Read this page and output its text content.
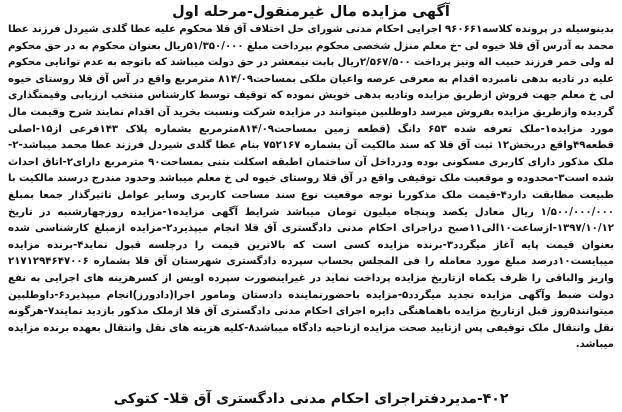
آگهی مزایده مال غیرمنقول-مرحله اول
بدینوسیله در پرونده کلاسه۹۶۰۶۶۱ اجرایی احکام مدنی شورای حل اختلاف آق قلا محکوم علیه عطا گلدی شیردل فرزند عطا محمد به آدرس آق قلا خیوه لی -خ معلم منزل شخصی محکوم بپرداخت مبلغ ۵۱/۳۵۰/۰۰۰ریال بعنوان محکوم به در حق محکوم له ولی خمر فرزند حبیب اله ونیز پرداخت ۲/۵۶۷/۵۰۰ریال بابت نیمعشر در حق دولت میباشد که باتوجه به عدم توانایی محکوم علیه در تادیه بدهی نامبرده اقدام به معرفی عرصه واعیان ملکی بمساحت۸۱۴/۰۹ مترمربع واقع در آس آق قلا روستای خیوه لی خ معلم جهت فروش ازطریق مزایده وتادیه بدهی خویش نموده که توقیف توسط کارشناس منتخب ارزیابی وقیمتگذاری گردیده وازطریق مزایده بفروش میرسد داوطلبین میتوانند در مزایده شرکت ونسبت بخرید آن اقدام نمایند شرح وقیمت مال مورد مزایده۱-ملک تعرفه شده ۶۵۳ دانگ (قطعه زمین بمساحت۸۱۴/۰۹مترمربع بشماره پلاک ۱۴۳فرعی از۱۵-اصلی قطعه۴۹واقع دربخش۱۲ ثبت آق قلا که سند مالکیت آن بشماره ۷۵۲۱۶۷ بنام عطا گلدی شیردل فرزند عطا محمد میباشد-۲-ملک مذکور دارای کاربری مسکونی بوده ودرداخل آن ساختمان اطبقه اسکلت بتنی بمساحت۹۰ مترمربع دارای۲-اتاق احداث شده است۳-محدوده و موقعیت ملک توقیفی واقع در آق قلا روستای خیوه لی خ معلم میباشد وحدود مندرج درسند مالکیت با طبیعت مطابقت دارد۴-قیمت ملک مذکوربا توجه موقعیت نوع سند مساحت کاربری وسایر عوامل تاثیرگذار جمعا بمبلغ ۱/۵۰۰/۰۰۰/۰۰۰ ریال معادل یکصد وپنجاه میلیون تومان میباشد شرایط آگهی مزایده۱-مزایده روزچهارشنبه در تاریخ ۱۳۹۷/۱۰/۱۲-ازساعت۱۰الی۱۱صبح دراجرای احکام مدنی دادگستری آق قلا انجام میپذیرد۲-مزایده ازمبلغ کارشناسی شده بعنوان قیمت پایه آغاز میگردد۳-برنده مزایده کسی است که بالاترین قیمت را درجلسه قبول نماید۴-برنده مزایده میبایست۱۰درصد مبلغ مورد معامله را فی المجلس بحساب سپرده دادگستری شهرستان آق قلا بشماره ۲۱۷۱۲۹۴۶۴۷۰۰۶ واریز والباقی را ظرف یکماه ازتاریخ مزایده پرداخت نماید در غیراینصورت سپرده اویس از کسرهزینه های اجرایی به نفع دولت ضبط وآگهی مزایده تجدید میگردد۵-مزایده باحضورنماینده دادستان ومامور اجرا(دادورز)انجام میپذیرد۶-داوطلبین میتوانند۵روز قبل ازتاریخ مزایده باهماهنگی دایره اجرای احکام مدنی دادگستری آق قلا ازملک مذکور بازدید نمایند۷-هرگونه نقل وانتقال ملک توقیفی پس ازتایید صحت مزایده ازناحیه دادگاه میباشد۸-کلیه هزینه های نقل وانتقال بعهده برنده مزایده میباشد.
۴۰۲-مدیردفتراجرای احکام مدنی دادگستری آق قلا- کتوکی
